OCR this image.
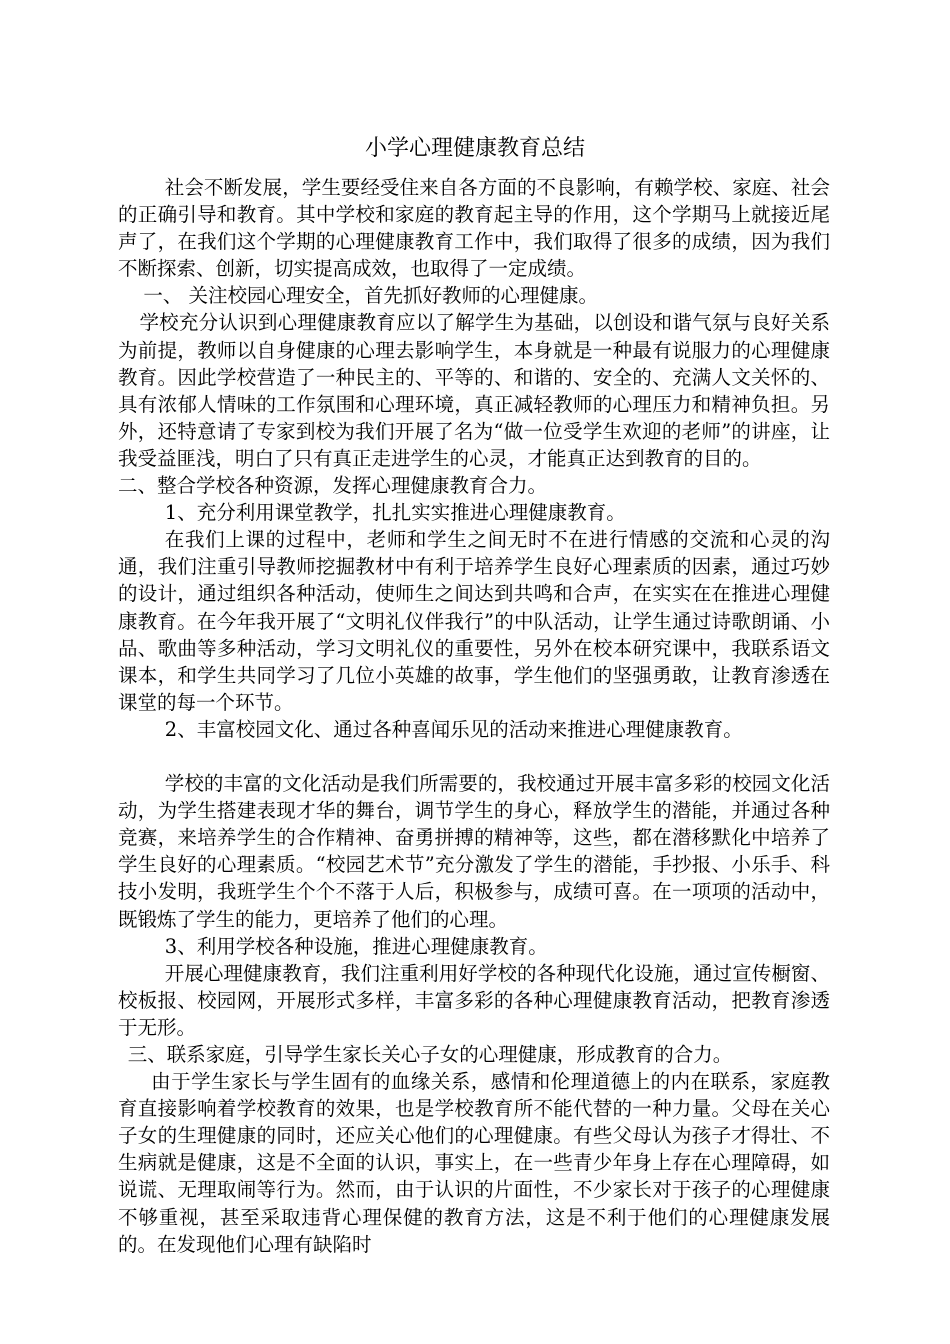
小学心理健康教育总结

社会不断发展，学生要经受住来自各方面的不良影响，有赖学校、家庭、社会的正确引导和教育。其中学校和家庭的教育起主导的作用，这个学期马上就接近尾声了，在我们这个学期的心理健康教育工作中，我们取得了很多的成绩，因为我们不断探索、创新，切实提高成效，也取得了一定成绩。

一、 关注校园心理安全，首先抓好教师的心理健康。

学校充分认识到心理健康教育应以了解学生为基础，以创设和谐气氛与良好关系为前提，教师以自身健康的心理去影响学生，本身就是一种最有说服力的心理健康教育。因此学校营造了一种民主的、平等的、和谐的、安全的、充满人文关怀的、具有浓郁人情味的工作氛围和心理环境，真正减轻教师的心理压力和精神负担。另外，还特意请了专家到校为我们开展了名为“做一位受学生欢迎的老师”的讲座，让我受益匪浅，明白了只有真正走进学生的心灵，才能真正达到教育的目的。

二、整合学校各种资源，发挥心理健康教育合力。

1、充分利用课堂教学，扎扎实实推进心理健康教育。

在我们上课的过程中，老师和学生之间无时不在进行情感的交流和心灵的沟通，我们注重引导教师挖掘教材中有利于培养学生良好心理素质的因素，通过巧妙的设计，通过组织各种活动，使师生之间达到共鸣和合声，在实实在在推进心理健康教育。在今年我开展了“文明礼仪伴我行”的中队活动，让学生通过诗歌朗诵、小品、歌曲等多种活动，学习文明礼仪的重要性，另外在校本研究课中，我联系语文课本，和学生共同学习了几位小英雄的故事，学生他们的坚强勇敢，让教育渗透在课堂的每一个环节。

2、丰富校园文化、通过各种喜闻乐见的活动来推进心理健康教育。

学校的丰富的文化活动是我们所需要的，我校通过开展丰富多彩的校园文化活动，为学生搭建表现才华的舞台，调节学生的身心，释放学生的潜能，并通过各种竞赛，来培养学生的合作精神、奋勇拼搏的精神等，这些，都在潜移默化中培养了学生良好的心理素质。“校园艺术节”充分激发了学生的潜能，手抄报、小乐手、科技小发明，我班学生个个不落于人后，积极参与，成绩可喜。在一项项的活动中，既锻炼了学生的能力，更培养了他们的心理。

3、利用学校各种设施，推进心理健康教育。

开展心理健康教育，我们注重利用好学校的各种现代化设施，通过宣传橱窗、校板报、校园网，开展形式多样，丰富多彩的各种心理健康教育活动，把教育渗透于无形。

三、联系家庭，引导学生家长关心子女的心理健康，形成教育的合力。

由于学生家长与学生固有的血缘关系，感情和伦理道德上的内在联系，家庭教育直接影响着学校教育的效果，也是学校教育所不能代替的一种力量。父母在关心子女的生理健康的同时，还应关心他们的心理健康。有些父母认为孩子才得壮、不生病就是健康，这是不全面的认识，事实上，在一些青少年身上存在心理障碍，如说谎、无理取闹等行为。然而，由于认识的片面性，不少家长对于孩子的心理健康不够重视，甚至采取违背心理保健的教育方法，这是不利于他们的心理健康发展的。在发现他们心理有缺陷时
